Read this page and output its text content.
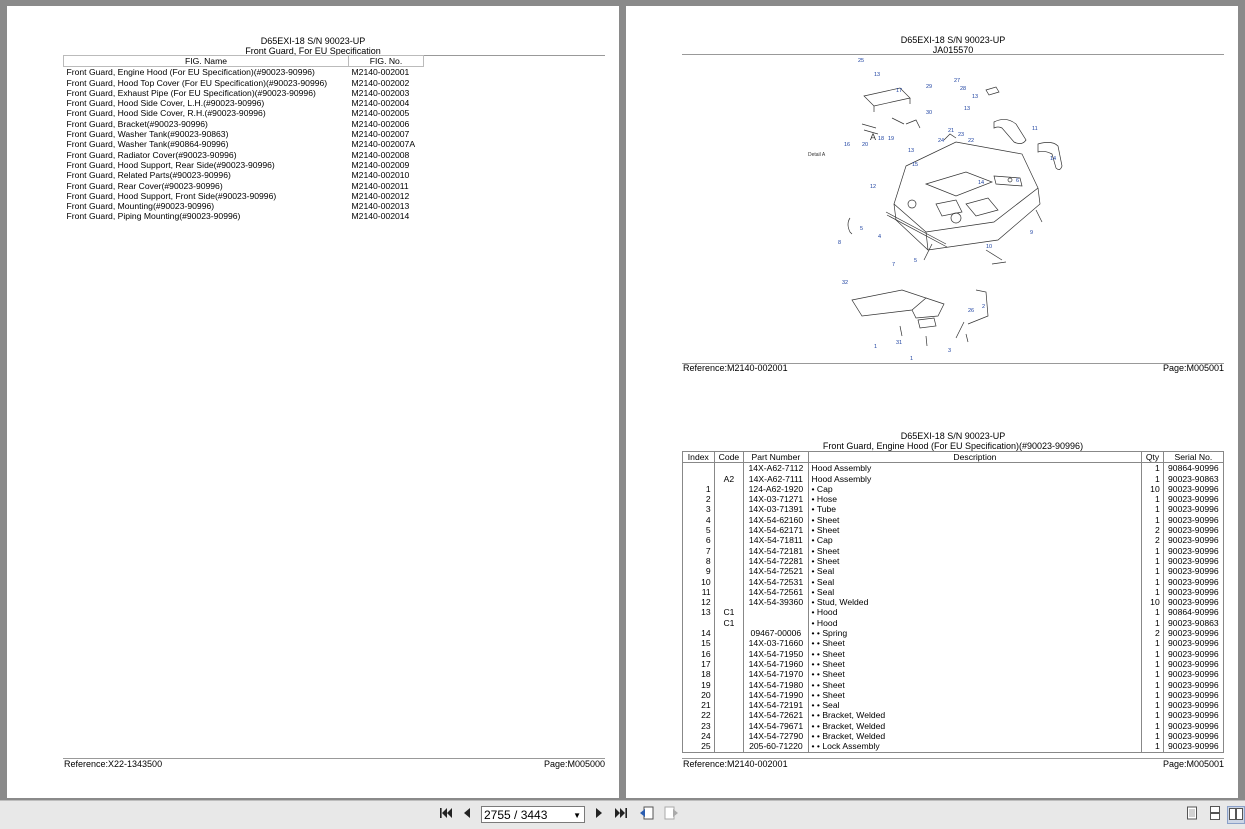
D65EXI-18 S/N 90023-UP
Front Guard, For EU Specification
FIG. Name	FIG. No.
Front Guard, Engine Hood (For EU Specification)(#90023-90996)	M2140-002001
Front Guard, Hood Top Cover (For EU Specification)(#90023-90996)	M2140-002002
Front Guard, Exhaust Pipe (For EU Specification)(#90023-90996)	M2140-002003
Front Guard, Hood Side Cover, L.H.(#90023-90996)	M2140-002004
Front Guard, Hood Side Cover, R.H.(#90023-90996)	M2140-002005
Front Guard, Bracket(#90023-90996)	M2140-002006
Front Guard, Washer Tank(#90023-90863)	M2140-002007
Front Guard, Washer Tank(#90864-90996)	M2140-002007A
Front Guard, Radiator Cover(#90023-90996)	M2140-002008
Front Guard, Hood Support, Rear Side(#90023-90996)	M2140-002009
Front Guard, Related Parts(#90023-90996)	M2140-002010
Front Guard, Rear Cover(#90023-90996)	M2140-002011
Front Guard, Hood Support, Front Side(#90023-90996)	M2140-002012
Front Guard, Mounting(#90023-90996)	M2140-002013
Front Guard, Piping Mounting(#90023-90996)	M2140-002014
Reference:X22-1343500	Page:M005000
D65EXI-18 S/N 90023-UP
JA015570
A
Detail A
25
13
17
29
27
28
13
30
13
11
14
18 19
16 20
21
24
23
22
13
15
14	6
12
4
5
8
7
5
10
9
32
26
2
1
31
3
1
Reference:M2140-002001	Page:M005001
D65EXI-18 S/N 90023-UP
Front Guard, Engine Hood (For EU Specification)(#90023-90996)
Index	Code	Part Number	Description	Qty	Serial No.
		14X-A62-7112	Hood Assembly	1	90864-90996
	A2	14X-A62-7111	Hood Assembly	1	90023-90863
1		124-A62-1920	• Cap	10	90023-90996
2		14X-03-71271	• Hose	1	90023-90996
3		14X-03-71391	• Tube	1	90023-90996
4		14X-54-62160	• Sheet	1	90023-90996
5		14X-54-62171	• Sheet	2	90023-90996
6		14X-54-71811	• Cap	2	90023-90996
7		14X-54-72181	• Sheet	1	90023-90996
8		14X-54-72281	• Sheet	1	90023-90996
9		14X-54-72521	• Seal	1	90023-90996
10		14X-54-72531	• Seal	1	90023-90996
11		14X-54-72561	• Seal	1	90023-90996
12		14X-54-39360	• Stud, Welded	10	90023-90996
13	C1		• Hood	1	90864-90996
	C1		• Hood	1	90023-90863
14		09467-00006	• • Spring	2	90023-90996
15		14X-03-71660	• • Sheet	1	90023-90996
16		14X-54-71950	• • Sheet	1	90023-90996
17		14X-54-71960	• • Sheet	1	90023-90996
18		14X-54-71970	• • Sheet	1	90023-90996
19		14X-54-71980	• • Sheet	1	90023-90996
20		14X-54-71990	• • Sheet	1	90023-90996
21		14X-54-72191	• • Seal	1	90023-90996
22		14X-54-72621	• • Bracket, Welded	1	90023-90996
23		14X-54-79671	• • Bracket, Welded	1	90023-90996
24		14X-54-72790	• • Bracket, Welded	1	90023-90996
25		205-60-71220	• • Lock Assembly	1	90023-90996
Reference:M2140-002001	Page:M005001
2755 / 3443	▼
